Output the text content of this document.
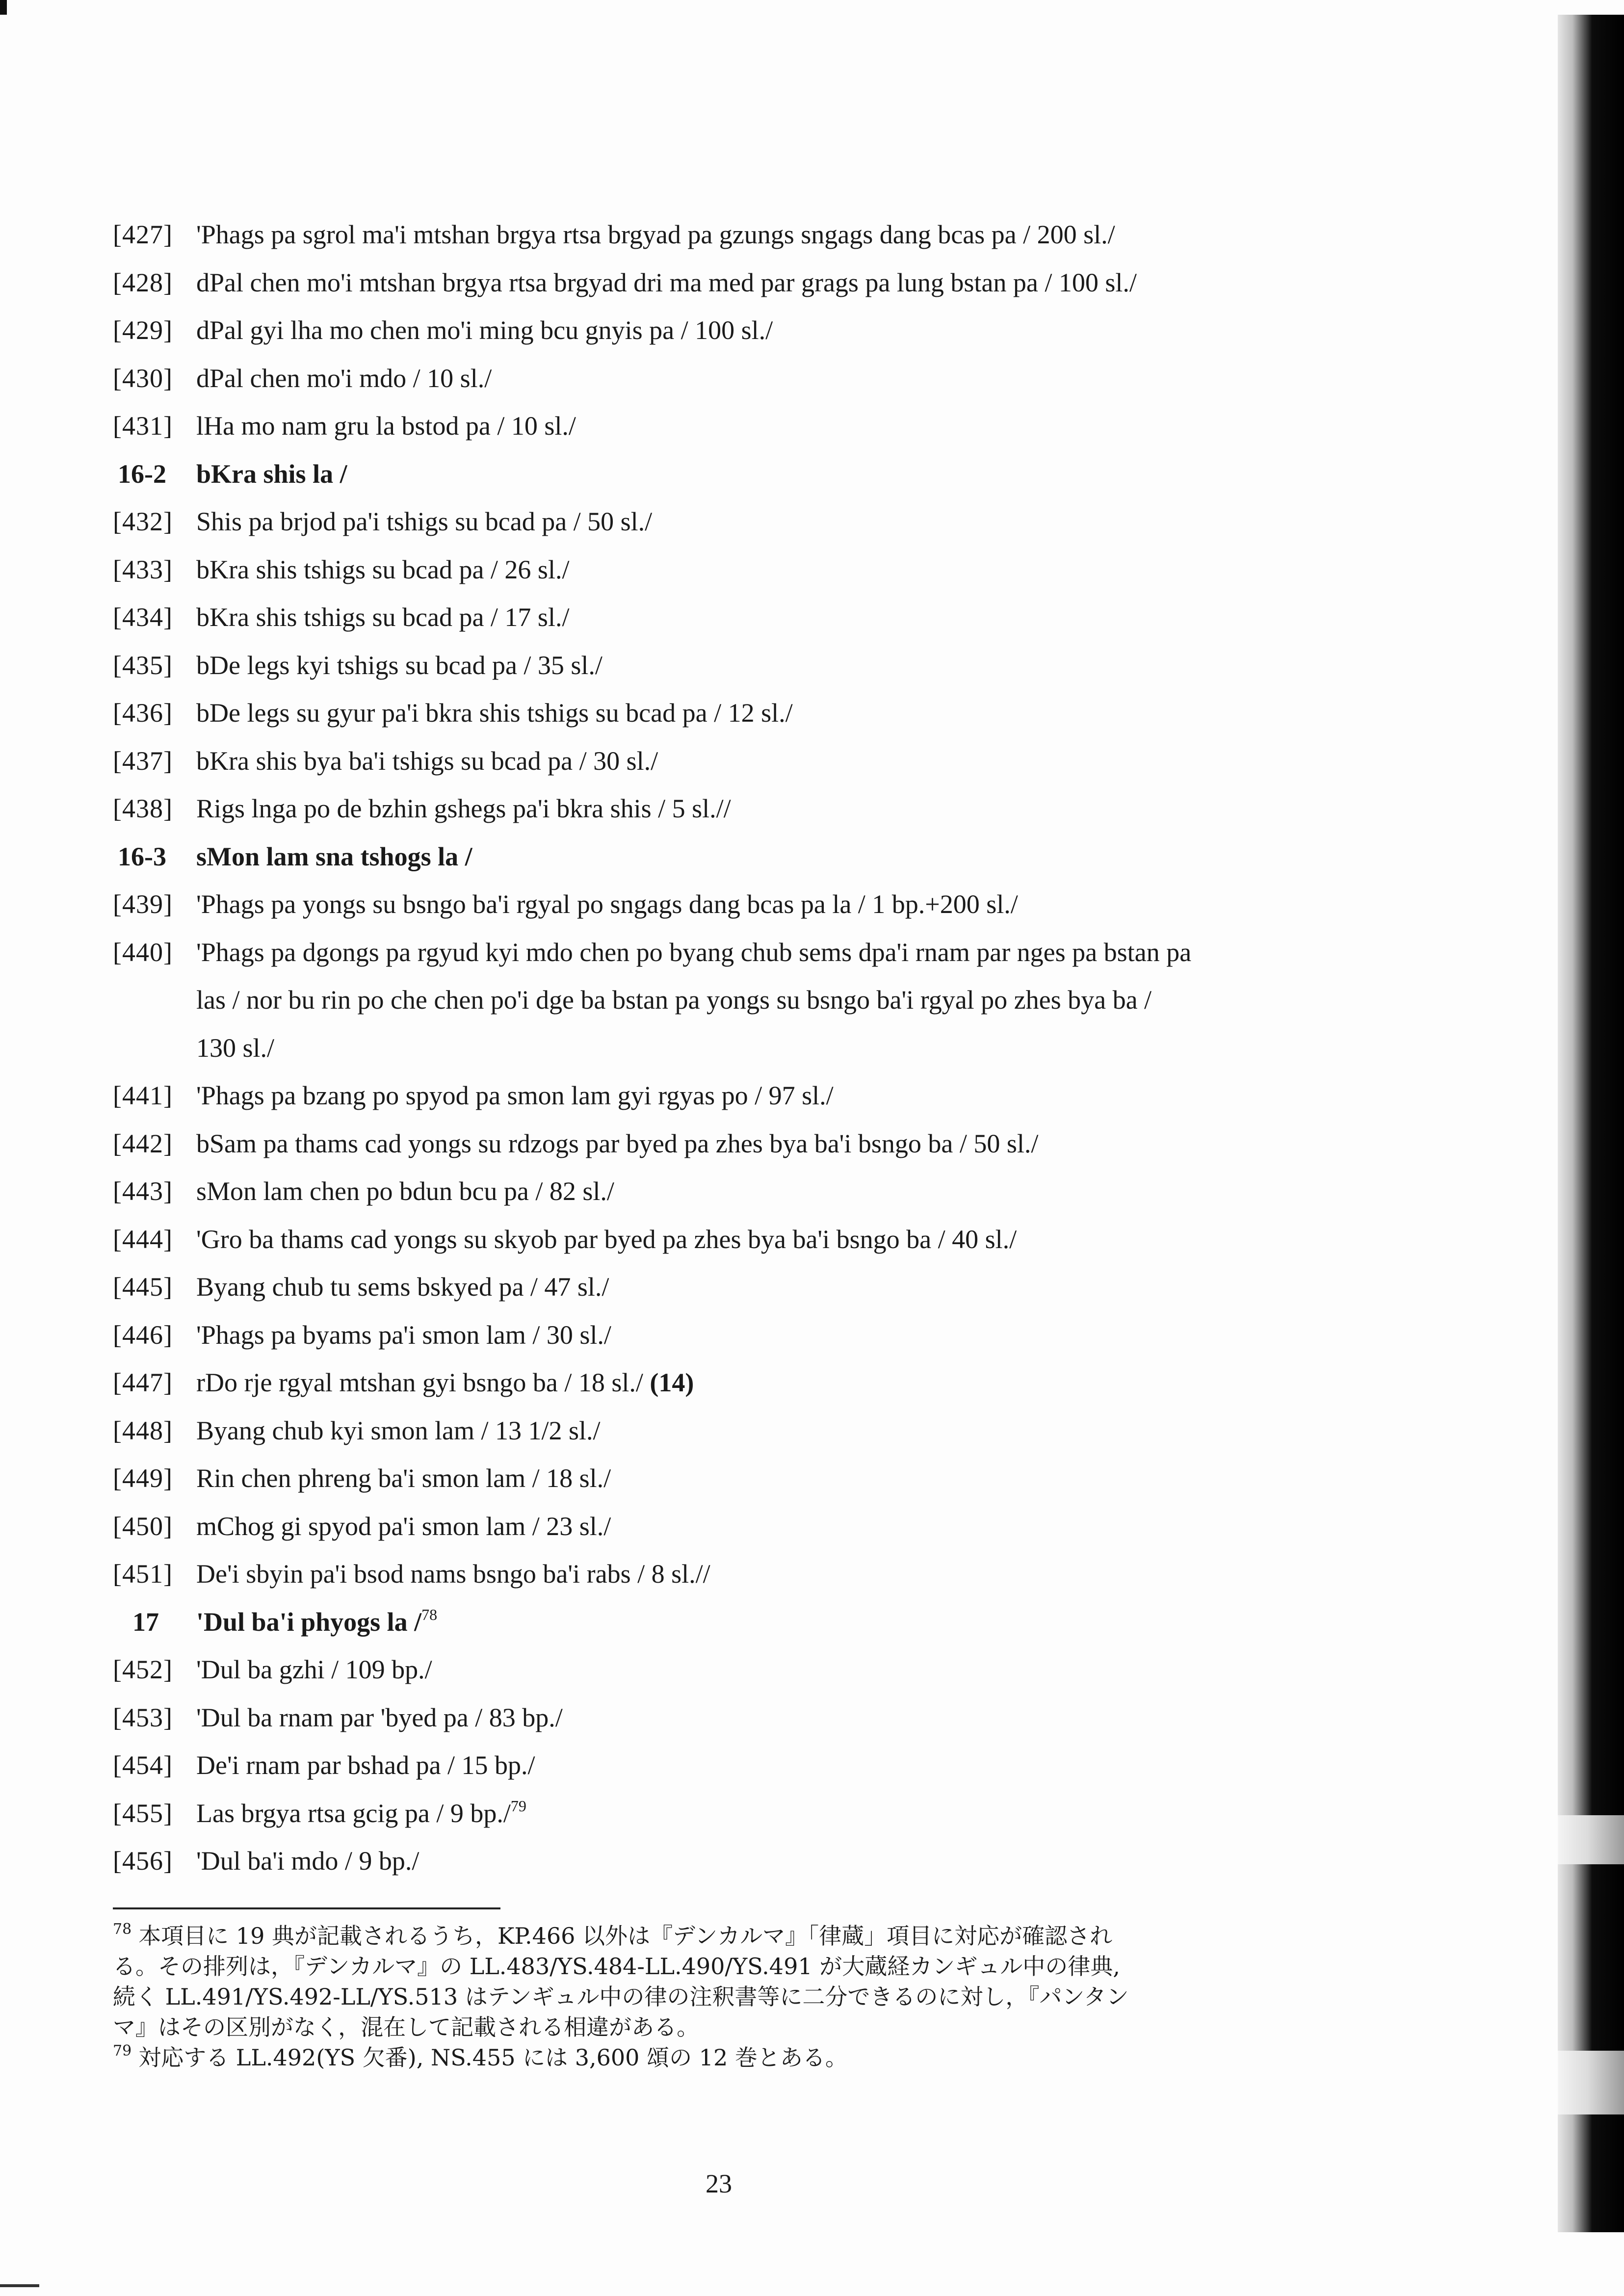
[427] 'Phags pa sgrol ma'i mtshan brgya rtsa brgyad pa gzungs sngags dang bcas pa / 200 sl./
[428] dPal chen mo'i mtshan brgya rtsa brgyad dri ma med par grags pa lung bstan pa / 100 sl./
[429] dPal gyi lha mo chen mo'i ming bcu gnyis pa / 100 sl./
[430] dPal chen mo'i mdo / 10 sl./
[431] lHa mo nam gru la bstod pa / 10 sl./
16-2	bKra shis la /
[432] Shis pa brjod pa'i tshigs su bcad pa / 50 sl./
[433] bKra shis tshigs su bcad pa / 26 sl./
[434] bKra shis tshigs su bcad pa / 17 sl./
[435] bDe legs kyi tshigs su bcad pa / 35 sl./
[436] bDe legs su gyur pa'i bkra shis tshigs su bcad pa / 12 sl./
[437] bKra shis bya ba'i tshigs su bcad pa / 30 sl./
[438] Rigs lnga po de bzhin gshegs pa'i bkra shis / 5 sl.//
16-3	sMon lam sna tshogs la /
[439] 'Phags pa yongs su bsngo ba'i rgyal po sngags dang bcas pa la / 1 bp.+200 sl./
[440] 'Phags pa dgongs pa rgyud kyi mdo chen po byang chub sems dpa'i rnam par nges pa bstan pa
las / nor bu rin po che chen po'i dge ba bstan pa yongs su bsngo ba'i rgyal po zhes bya ba /
130 sl./
[441] 'Phags pa bzang po spyod pa smon lam gyi rgyas po / 97 sl./
[442] bSam pa thams cad yongs su rdzogs par byed pa zhes bya ba'i bsngo ba / 50 sl./
[443] sMon lam chen po bdun bcu pa / 82 sl./
[444] 'Gro ba thams cad yongs su skyob par byed pa zhes bya ba'i bsngo ba / 40 sl./
[445] Byang chub tu sems bskyed pa / 47 sl./
[446] 'Phags pa byams pa'i smon lam / 30 sl./
[447] rDo rje rgyal mtshan gyi bsngo ba / 18 sl./ (14)
[448] Byang chub kyi smon lam / 13 1/2 sl./
[449] Rin chen phreng ba'i smon lam / 18 sl./
[450] mChog gi spyod pa'i smon lam / 23 sl./
[451] De'i sbyin pa'i bsod nams bsngo ba'i rabs / 8 sl.//
17	'Dul ba'i phyogs la /$^{78}$
[452] 'Dul ba gzhi / 109 bp./
[453] 'Dul ba rnam par 'byed pa / 83 bp./
[454] De'i rnam par bshad pa / 15 bp./
[455] Las brgya rtsa gcig pa / 9 bp./$^{79}$
[456] 'Dul ba'i mdo / 9 bp./
$^{78}$ 本項目に 19 典が記載されるうち，KP.466 以外は『デンカルマ』「律蔵」項目に対応が確認され
る。その排列は，『デンカルマ』の LL.483/YS.484-LL.490/YS.491 が大蔵経カンギュル中の律典,
続く LL.491/YS.492-LL/YS.513 はテンギュル中の律の注釈書等に二分できるのに対し，『パンタン
マ』はその区別がなく，混在して記載される相違がある。
$^{79}$ 対応する LL.492(YS 欠番), NS.455 には 3,600 頌の 12 巻とある。
23
